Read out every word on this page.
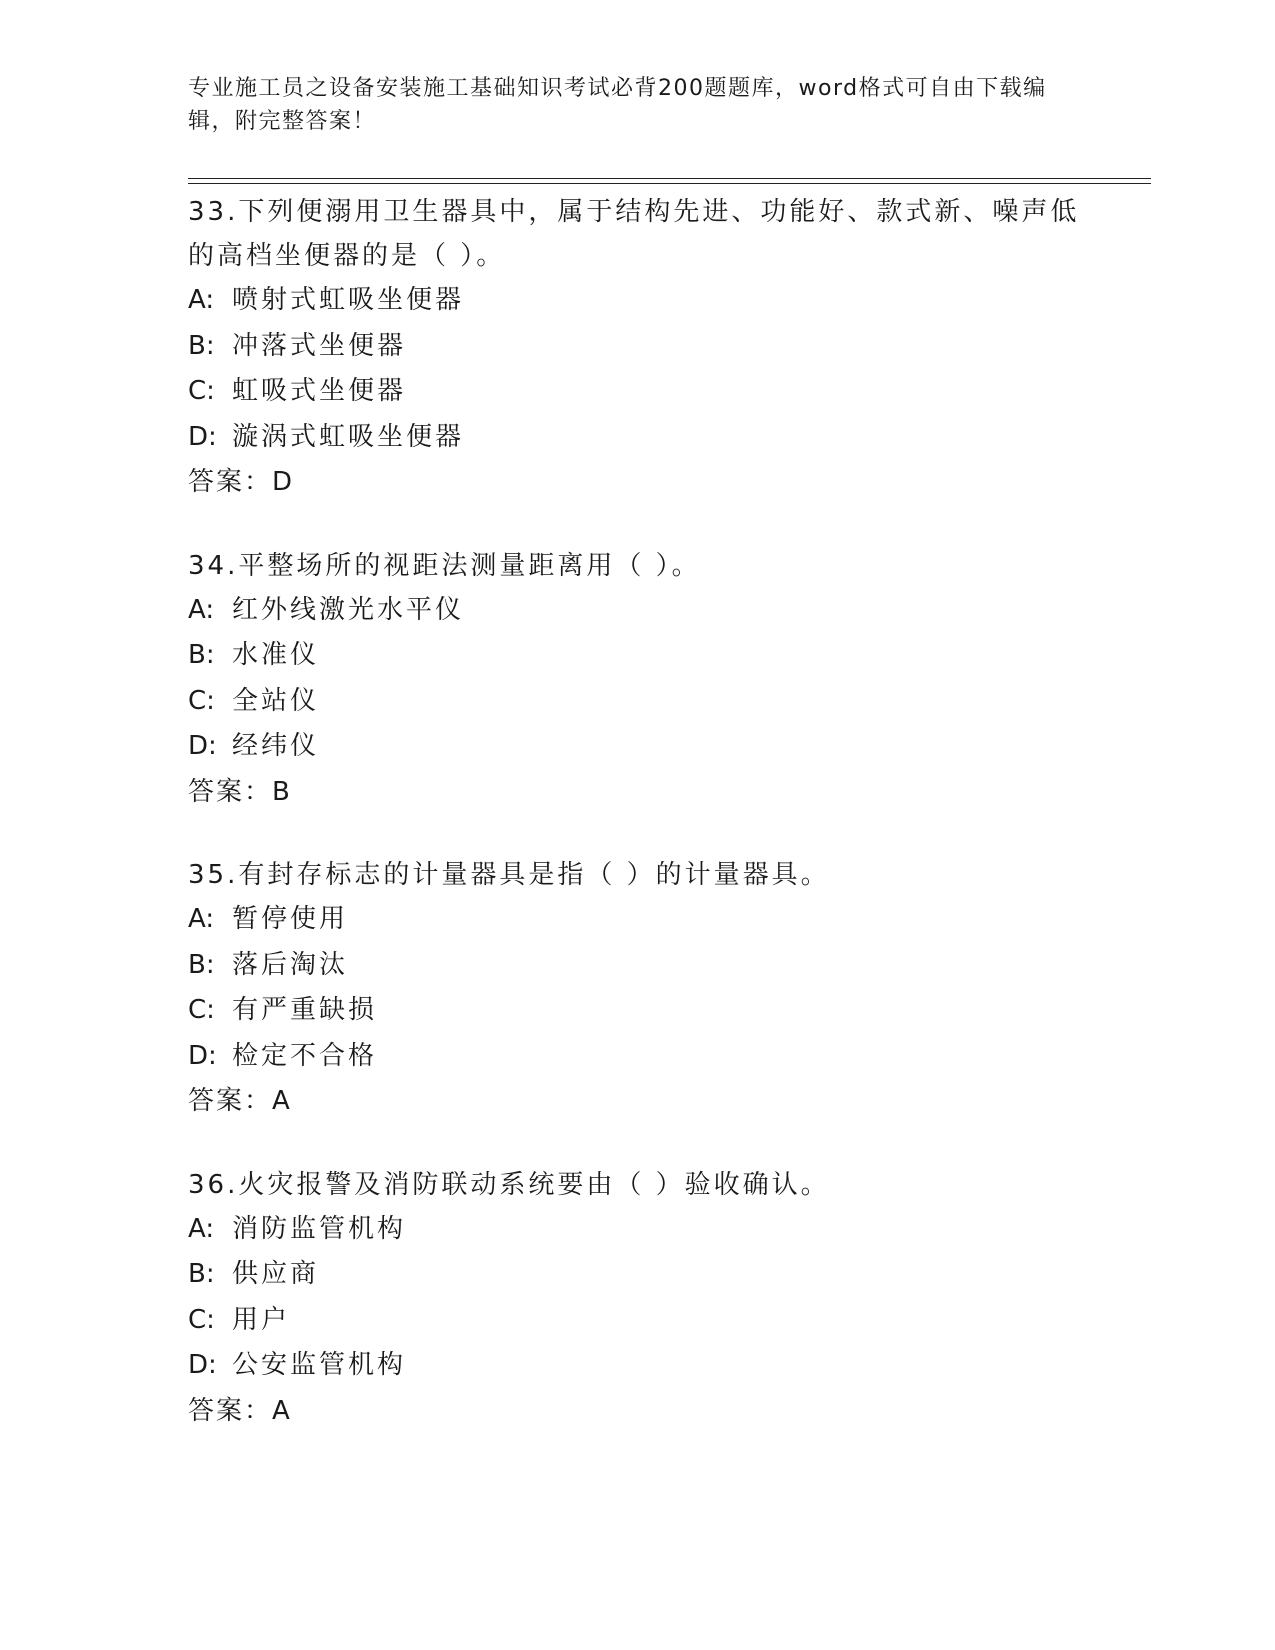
专业施工员之设备安装施工基础知识考试必背200题题库，word格式可自由下载编辑，附完整答案！

33.下列便溺用卫生器具中，属于结构先进、功能好、款式新、噪声低的高档坐便器的是（ ）。

A: 喷射式虹吸坐便器

B: 冲落式坐便器

C: 虹吸式坐便器

D: 漩涡式虹吸坐便器

答案：D

34.平整场所的视距法测量距离用（ ）。

A: 红外线激光水平仪

B: 水准仪

C: 全站仪

D: 经纬仪

答案：B

35.有封存标志的计量器具是指（ ）的计量器具。

A: 暂停使用

B: 落后淘汰

C: 有严重缺损

D: 检定不合格

答案：A

36.火灾报警及消防联动系统要由（ ）验收确认。

A: 消防监管机构

B: 供应商

C: 用户

D: 公安监管机构

答案：A
